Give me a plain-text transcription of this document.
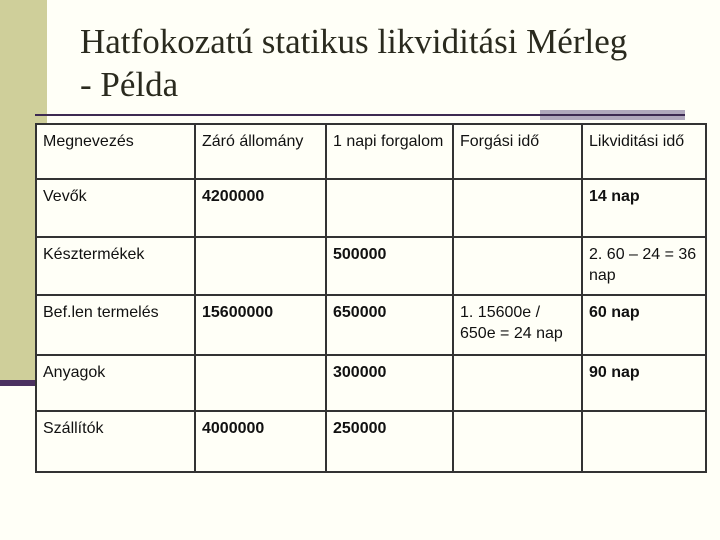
Hatfokozatú statikus likviditási Mérleg
- Példa
Megnevezés	Záró állomány	1 napi forgalom	Forgási idő	Likviditási idő
Vevők	4200000			14 nap
Késztermékek		500000		2. 60 – 24 = 36 nap
Bef.len termelés	15600000	650000	1. 15600e / 650e = 24 nap	60 nap
Anyagok		300000		90 nap
Szállítók	4000000	250000		
